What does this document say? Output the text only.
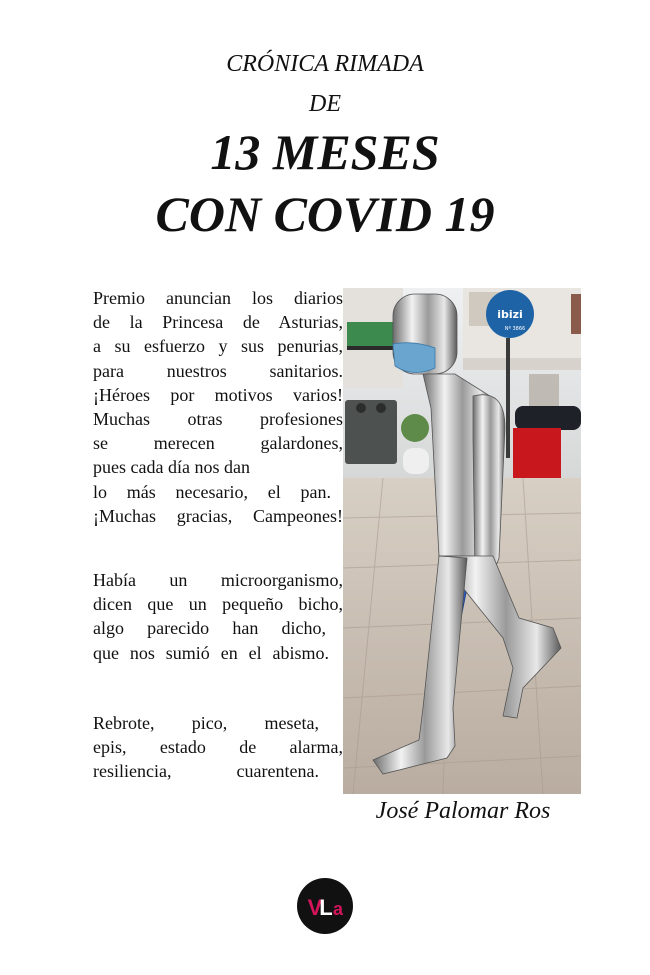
CRÓNICA RIMADA
DE
13 MESES
CON COVID 19
Premio anuncian los diarios
de la Princesa de Asturias,
a su esfuerzo y sus penurias,
para nuestros sanitarios.
¡Héroes por motivos varios!
Muchas otras profesiones
se merecen galardones,
pues cada día nos dan
lo más necesario, el pan.
¡Muchas gracias, Campeones!
Había un microorganismo,
dicen que un pequeño bicho,
algo parecido han dicho,
que nos sumió en el abismo.
Rebrote, pico, meseta,
epis, estado de alarma,
resiliencia, cuarentena.
ibizi
Nº 3866
José Palomar Ros
V
L a
